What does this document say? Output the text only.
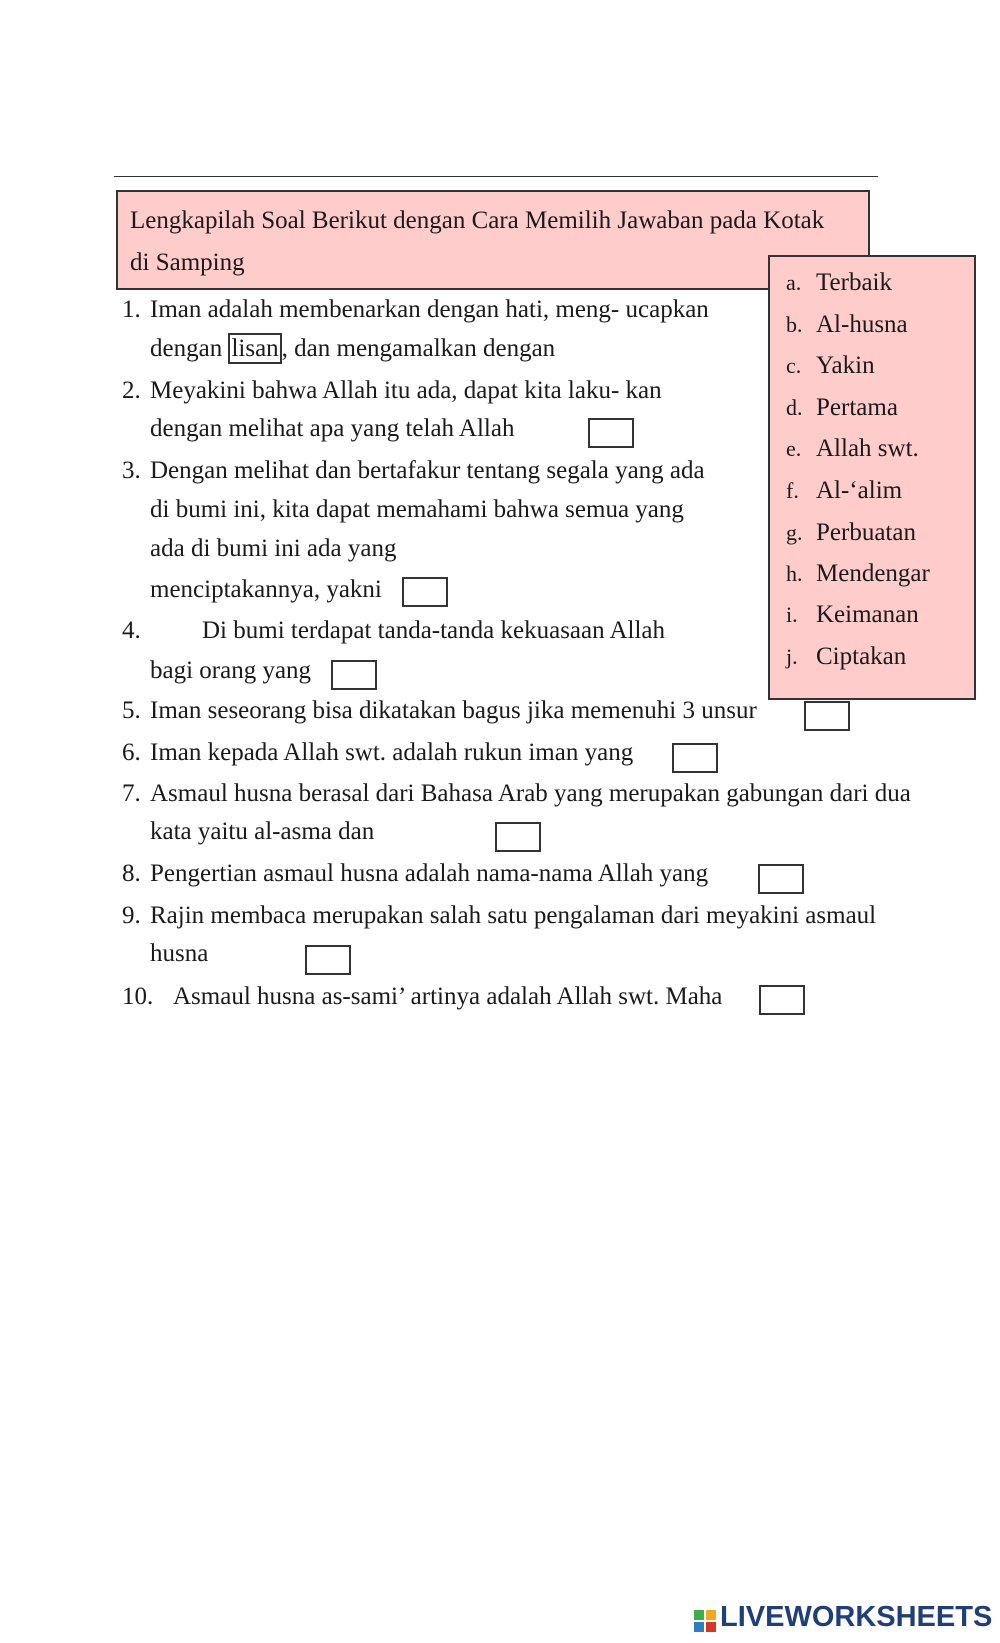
Lengkapilah Soal Berikut dengan Cara Memilih Jawaban pada Kotak
di Samping
a. Terbaik
b. Al-husna
c. Yakin
d. Pertama
e. Allah swt.
f. Al-‘alim
g. Perbuatan
h. Mendengar
i. Keimanan
j. Ciptakan
1. Iman adalah membenarkan dengan hati, meng- ucapkan
dengan lisan , dan mengamalkan dengan
2. Meyakini bahwa Allah itu ada, dapat kita laku- kan
dengan melihat apa yang telah Allah
3. Dengan melihat dan bertafakur tentang segala yang ada
di bumi ini, kita dapat memahami bahwa semua yang
ada di bumi ini ada yang
menciptakannya, yakni
4. Di bumi terdapat tanda-tanda kekuasaan Allah
bagi orang yang
5. Iman seseorang bisa dikatakan bagus jika memenuhi 3 unsur
6. Iman kepada Allah swt. adalah rukun iman yang
7. Asmaul husna berasal dari Bahasa Arab yang merupakan gabungan dari dua
kata yaitu al-asma dan
8. Pengertian asmaul husna adalah nama-nama Allah yang
9. Rajin membaca merupakan salah satu pengalaman dari meyakini asmaul
husna
10. Asmaul husna as-sami’ artinya adalah Allah swt. Maha
LIVEWORKSHEETS
